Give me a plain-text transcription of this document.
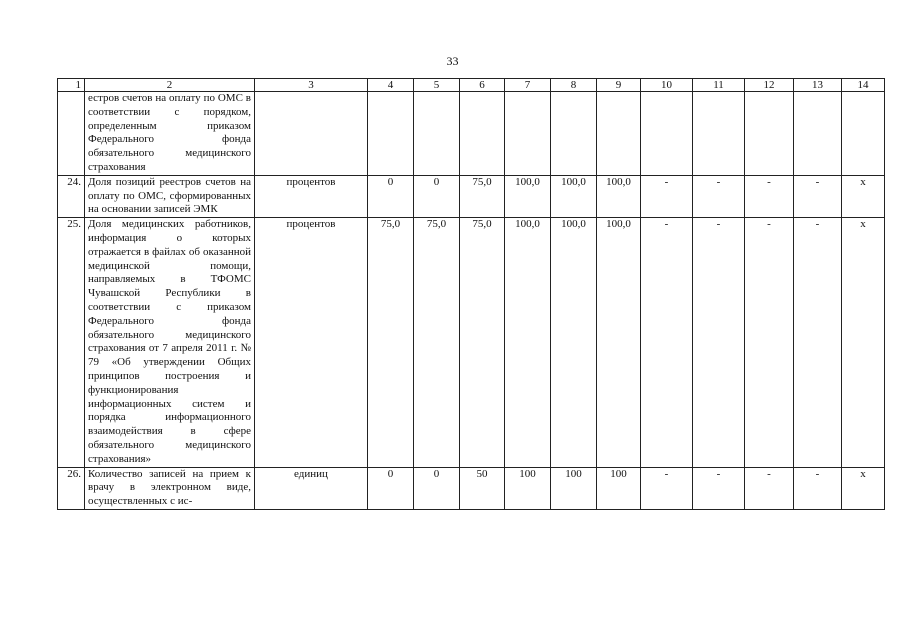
33
1	2	3	4	5	6	7	8	9	10	11	12	13	14
	естров счетов на оплату по ОМС в соответствии с порядком, определенным приказом Федерального фонда обязательного медицинского страхования												
24.	Доля позиций реестров счетов на оплату по ОМС, сформированных на основании записей ЭМК	процентов	0	0	75,0	100,0	100,0	100,0	-	-	-	-	x
25.	Доля медицинских работников, информация о которых отражается в файлах об оказанной медицинской помощи, направляемых в ТФОМС Чувашской Республики в соответствии с приказом Федерального фонда обязательного медицинского страхования от 7 апреля 2011 г. № 79 «Об утверждении Общих принципов построения и функционирования информационных систем и порядка информационного взаимодействия в сфере обязательного медицинского страхования»	процентов	75,0	75,0	75,0	100,0	100,0	100,0	-	-	-	-	x
26.	Количество записей на прием к врачу в электронном виде, осуществленных с ис-	единиц	0	0	50	100	100	100	-	-	-	-	x
